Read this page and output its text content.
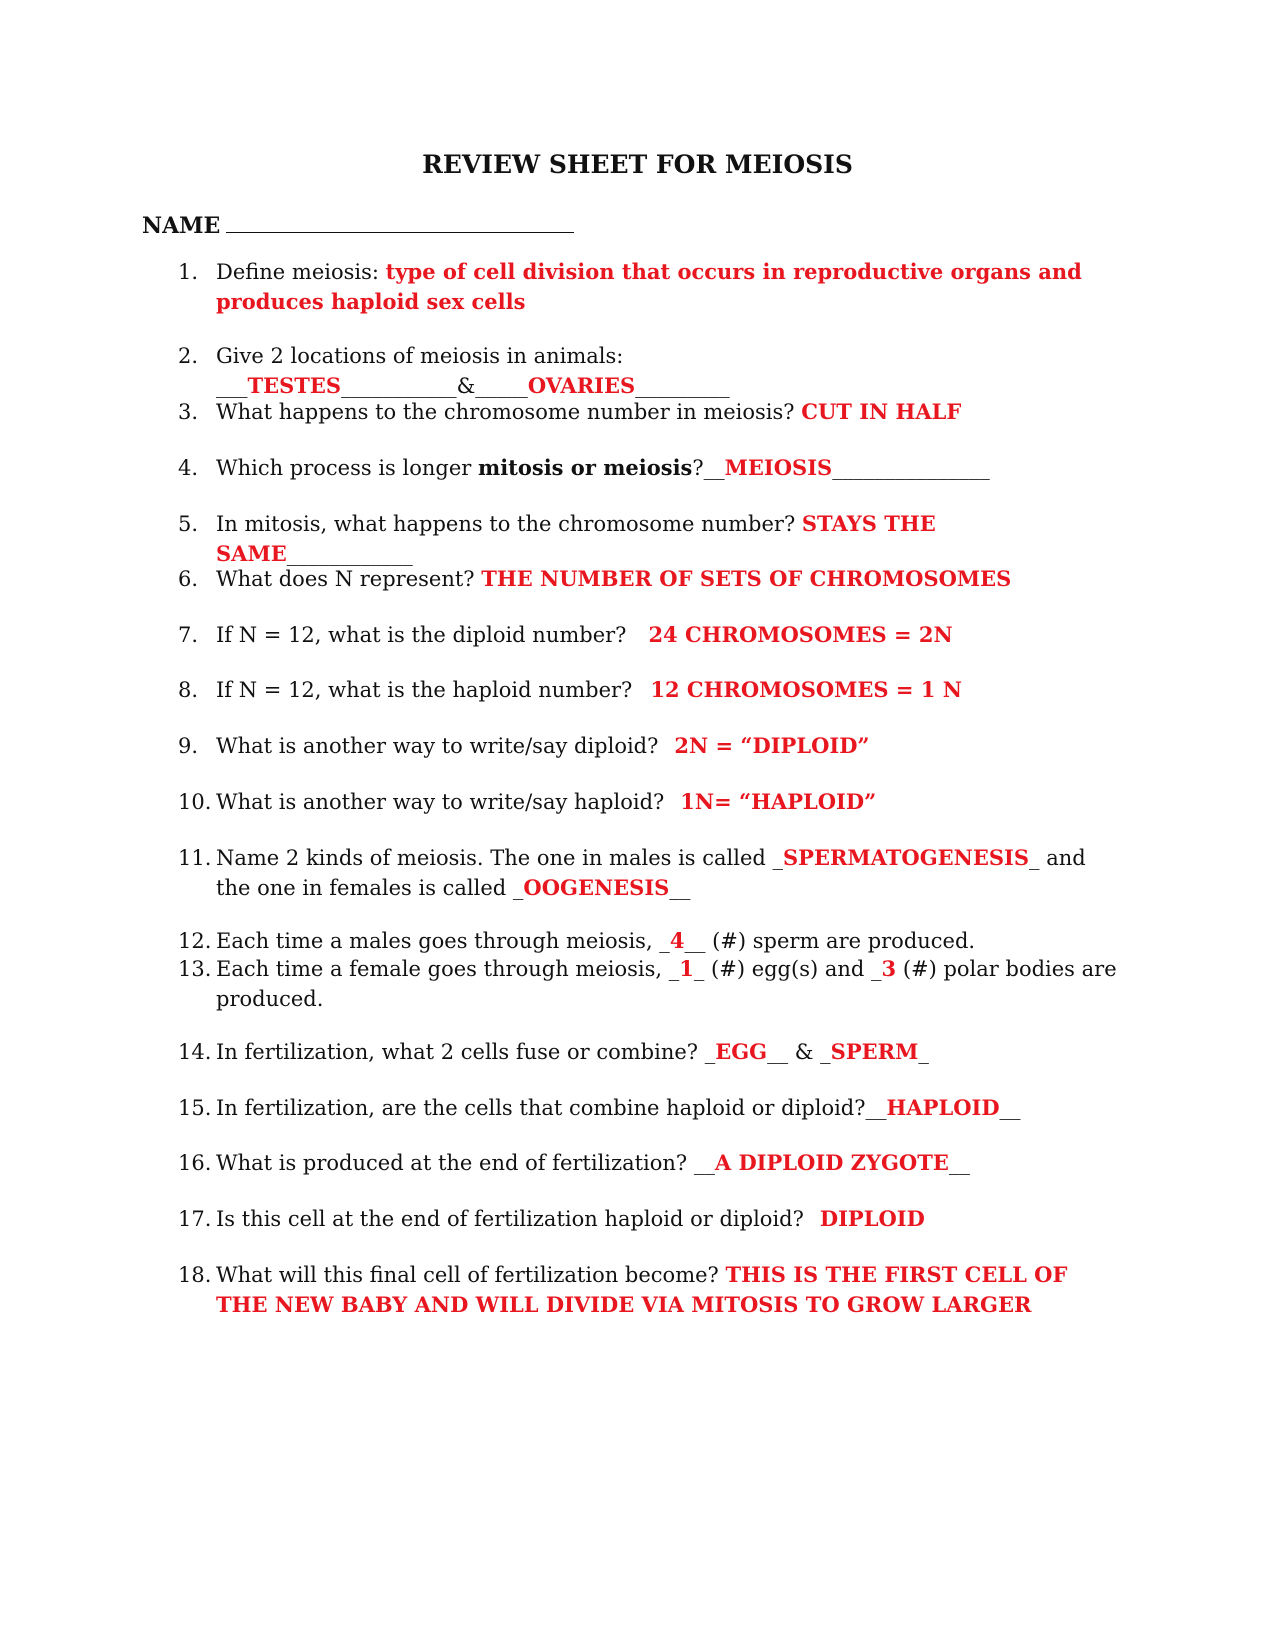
REVIEW SHEET FOR MEIOSIS
NAME
1. Define meiosis: type of cell division that occurs in reproductive organs and produces haploid sex cells
2. Give 2 locations of meiosis in animals: ___TESTES___________&_____OVARIES_________
3. What happens to the chromosome number in meiosis? CUT IN HALF
4. Which process is longer mitosis or meiosis?__MEIOSIS_______________
5. In mitosis, what happens to the chromosome number? STAYS THE SAME____________
6. What does N represent? THE NUMBER OF SETS OF CHROMOSOMES
7. If N = 12, what is the diploid number? 24 CHROMOSOMES = 2N
8. If N = 12, what is the haploid number? 12 CHROMOSOMES = 1 N
9. What is another way to write/say diploid? 2N = “DIPLOID”
10. What is another way to write/say haploid? 1N= “HAPLOID”
11. Name 2 kinds of meiosis. The one in males is called _SPERMATOGENESIS_ and the one in females is called _OOGENESIS__
12. Each time a males goes through meiosis, _4__ (#) sperm are produced.
13. Each time a female goes through meiosis, _1_ (#) egg(s) and _3 (#) polar bodies are produced.
14. In fertilization, what 2 cells fuse or combine? _EGG__ & _SPERM_
15. In fertilization, are the cells that combine haploid or diploid?__HAPLOID__
16. What is produced at the end of fertilization? __A DIPLOID ZYGOTE__
17. Is this cell at the end of fertilization haploid or diploid? DIPLOID
18. What will this final cell of fertilization become? THIS IS THE FIRST CELL OF THE NEW BABY AND WILL DIVIDE VIA MITOSIS TO GROW LARGER
